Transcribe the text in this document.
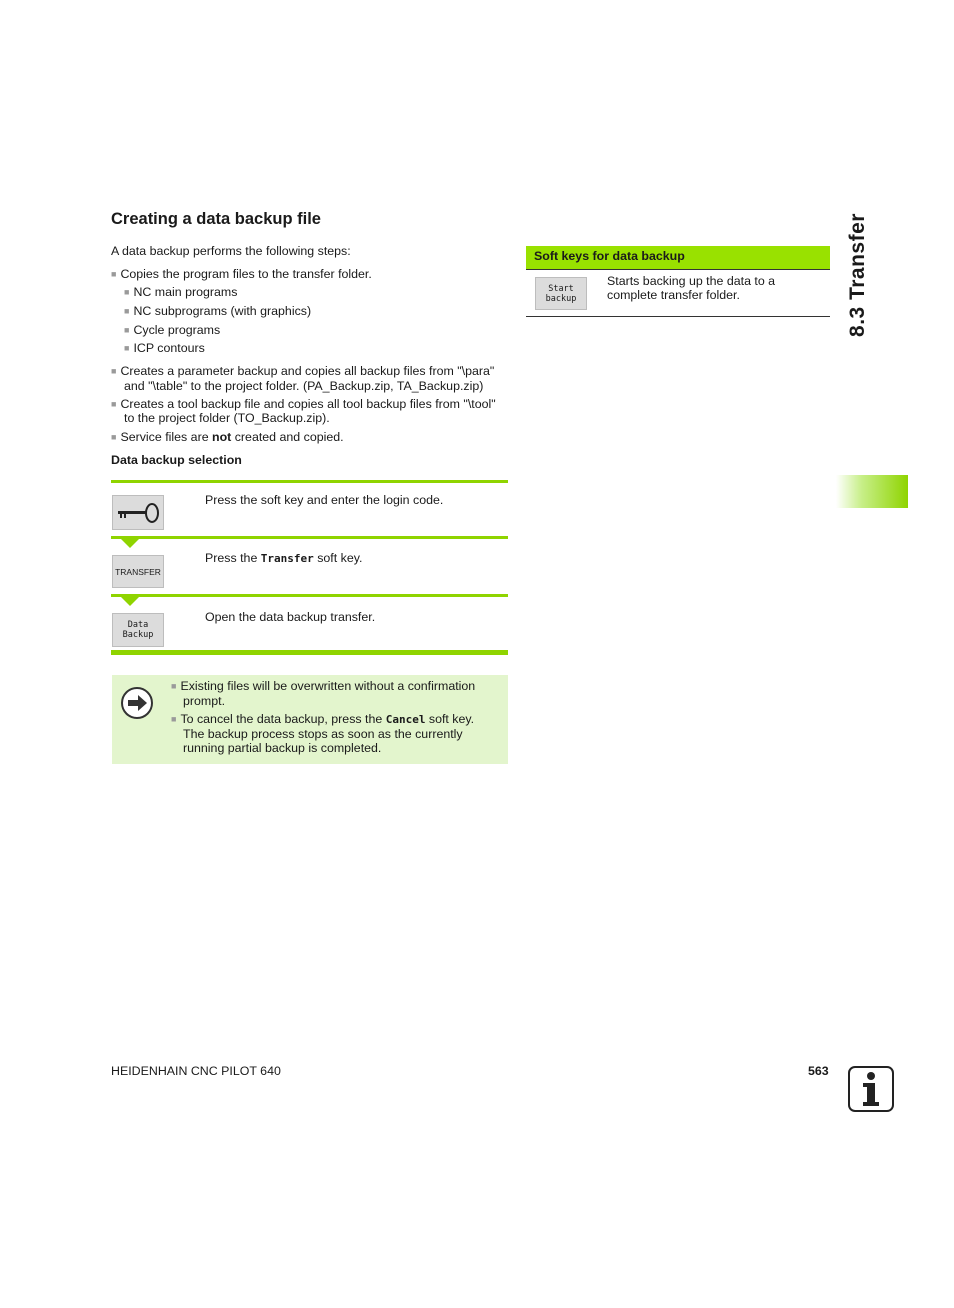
Creating a data backup file
A data backup performs the following steps:
■ Copies the program files to the transfer folder.
■ NC main programs
■ NC subprograms (with graphics)
■ Cycle programs
■ ICP contours
■ Creates a parameter backup and copies all backup files from "\para"
and "\table" to the project folder. (PA_Backup.zip, TA_Backup.zip)
■ Creates a tool backup file and copies all tool backup files from "\tool"
to the project folder (TO_Backup.zip).
■ Service files are not created and copied.
Data backup selection
Press the soft key and enter the login code.
TRANSFER
Press the Transfer soft key.
Data
Backup
Open the data backup transfer.
■ Existing files will be overwritten without a confirmation
prompt.
■ To cancel the data backup, press the Cancel soft key.
The backup process stops as soon as the currently
running partial backup is completed.
Soft keys for data backup
Start
backup
Starts backing up the data to a
complete transfer folder.	8.3 Transfer
HEIDENHAIN CNC PILOT 640	563
